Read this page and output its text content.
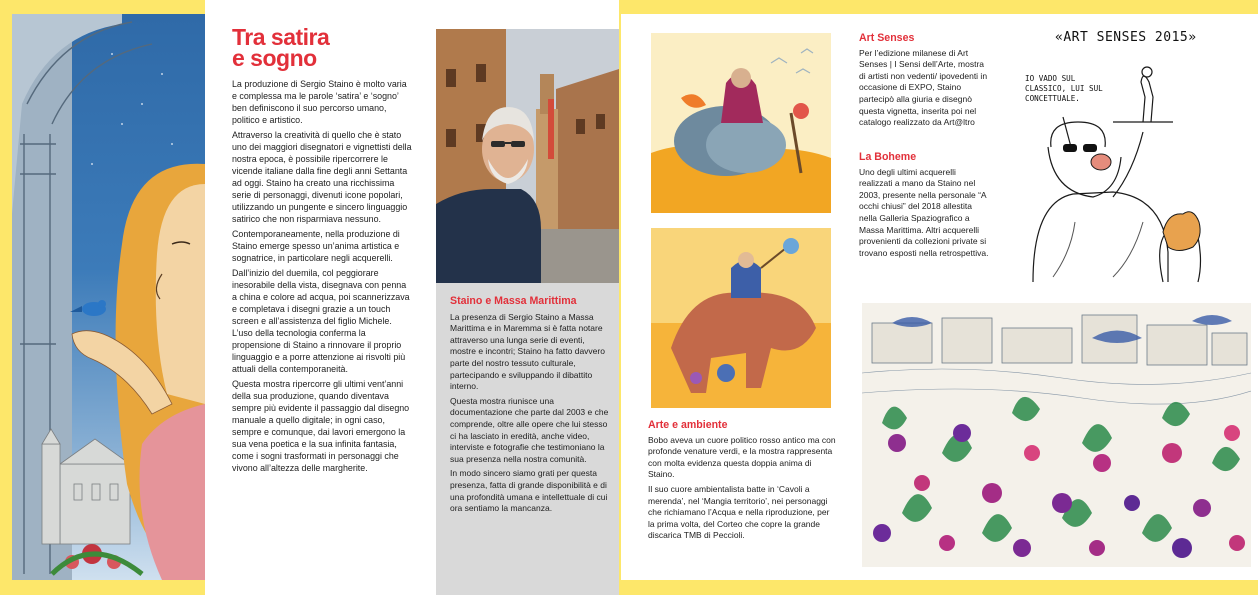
Tra satira
e sogno

La produzione di Sergio Staino è molto varia e complessa ma le parole ‘satira’ e ‘sogno’ ben definiscono il suo percorso umano, politico e artistico.

Attraverso la creatività di quello che è stato uno dei maggiori disegnatori e vignettisti della nostra epoca, è possibile ripercorrere le vicende italiane dalla fine degli anni Settanta ad oggi. Staino ha creato una ricchissima serie di personaggi, divenuti icone popolari, utilizzando un pungente e sincero linguaggio satirico che non risparmiava nessuno.

Contemporaneamente, nella produzione di Staino emerge spesso un’anima artistica e sognatrice, in particolare negli acquerelli.

Dall’inizio del duemila, col peggiorare inesorabile della vista, disegnava con penna a china e colore ad acqua, poi scannerizzava e completava i disegni grazie a un touch screen e all’assistenza del figlio Michele. L’uso della tecnologia conferma la propensione di Staino a rinnovare il proprio linguaggio e a porre attenzione ai risvolti più attuali della contemporaneità.

Questa mostra ripercorre gli ultimi vent’anni della sua produzione, quando diventava sempre più evidente il passaggio dal disegno manuale a quello digitale; in ogni caso, sempre e comunque, dai lavori emergono la sua vena poetica e la sua infinita fantasia, come i sogni trasformati in personaggi che vivono all’altezza delle margherite.

Staino e Massa Marittima

La presenza di Sergio Staino a Massa Marittima e in Maremma si è fatta notare attraverso una lunga serie di eventi, mostre e incontri; Staino ha fatto davvero parte del nostro tessuto culturale, partecipando e sviluppando il dibattito interno.

Questa mostra riunisce una documentazione che parte dal 2003 e che comprende, oltre alle opere che lui stesso ci ha lasciato in eredità, anche video, interviste e fotografie che testimoniano la sua presenza nella nostra comunità.

In modo sincero siamo grati per questa presenza, fatta di grande disponibilità e di una profondità umana e intellettuale di cui ora sentiamo la mancanza.

Arte e ambiente

Bobo aveva un cuore politico rosso antico ma con profonde venature verdi, e la mostra rappresenta con molta evidenza questa doppia anima di Staino.

Il suo cuore ambientalista batte in ‘Cavoli a merenda’, nel ‘Mangia territorio’, nei personaggi che richiamano l’Acqua e nella riproduzione, per la prima volta, del Corteo che copre la grande discarica TMB di Peccioli.

Art Senses

Per l’edizione milanese di Art Senses | I Sensi dell’Arte, mostra di artisti non vedenti/ ipovedenti in occasione di EXPO, Staino partecipò alla giuria e disegnò questa vignetta, inserita poi nel catalogo realizzato da Art@ltro

La Boheme

Uno degli ultimi acquerelli realizzati a mano da Staino nel 2003, presente nella personale “A occhi chiusi” del 2018 allestita nella Galleria Spaziografico a Massa Marittima. Altri acquerelli provenienti da collezioni private si trovano esposti nella retrospettiva.

«ART SENSES 2015»
IO VADO SUL
CLASSICO, LUI SUL
CONCETTUALE.
